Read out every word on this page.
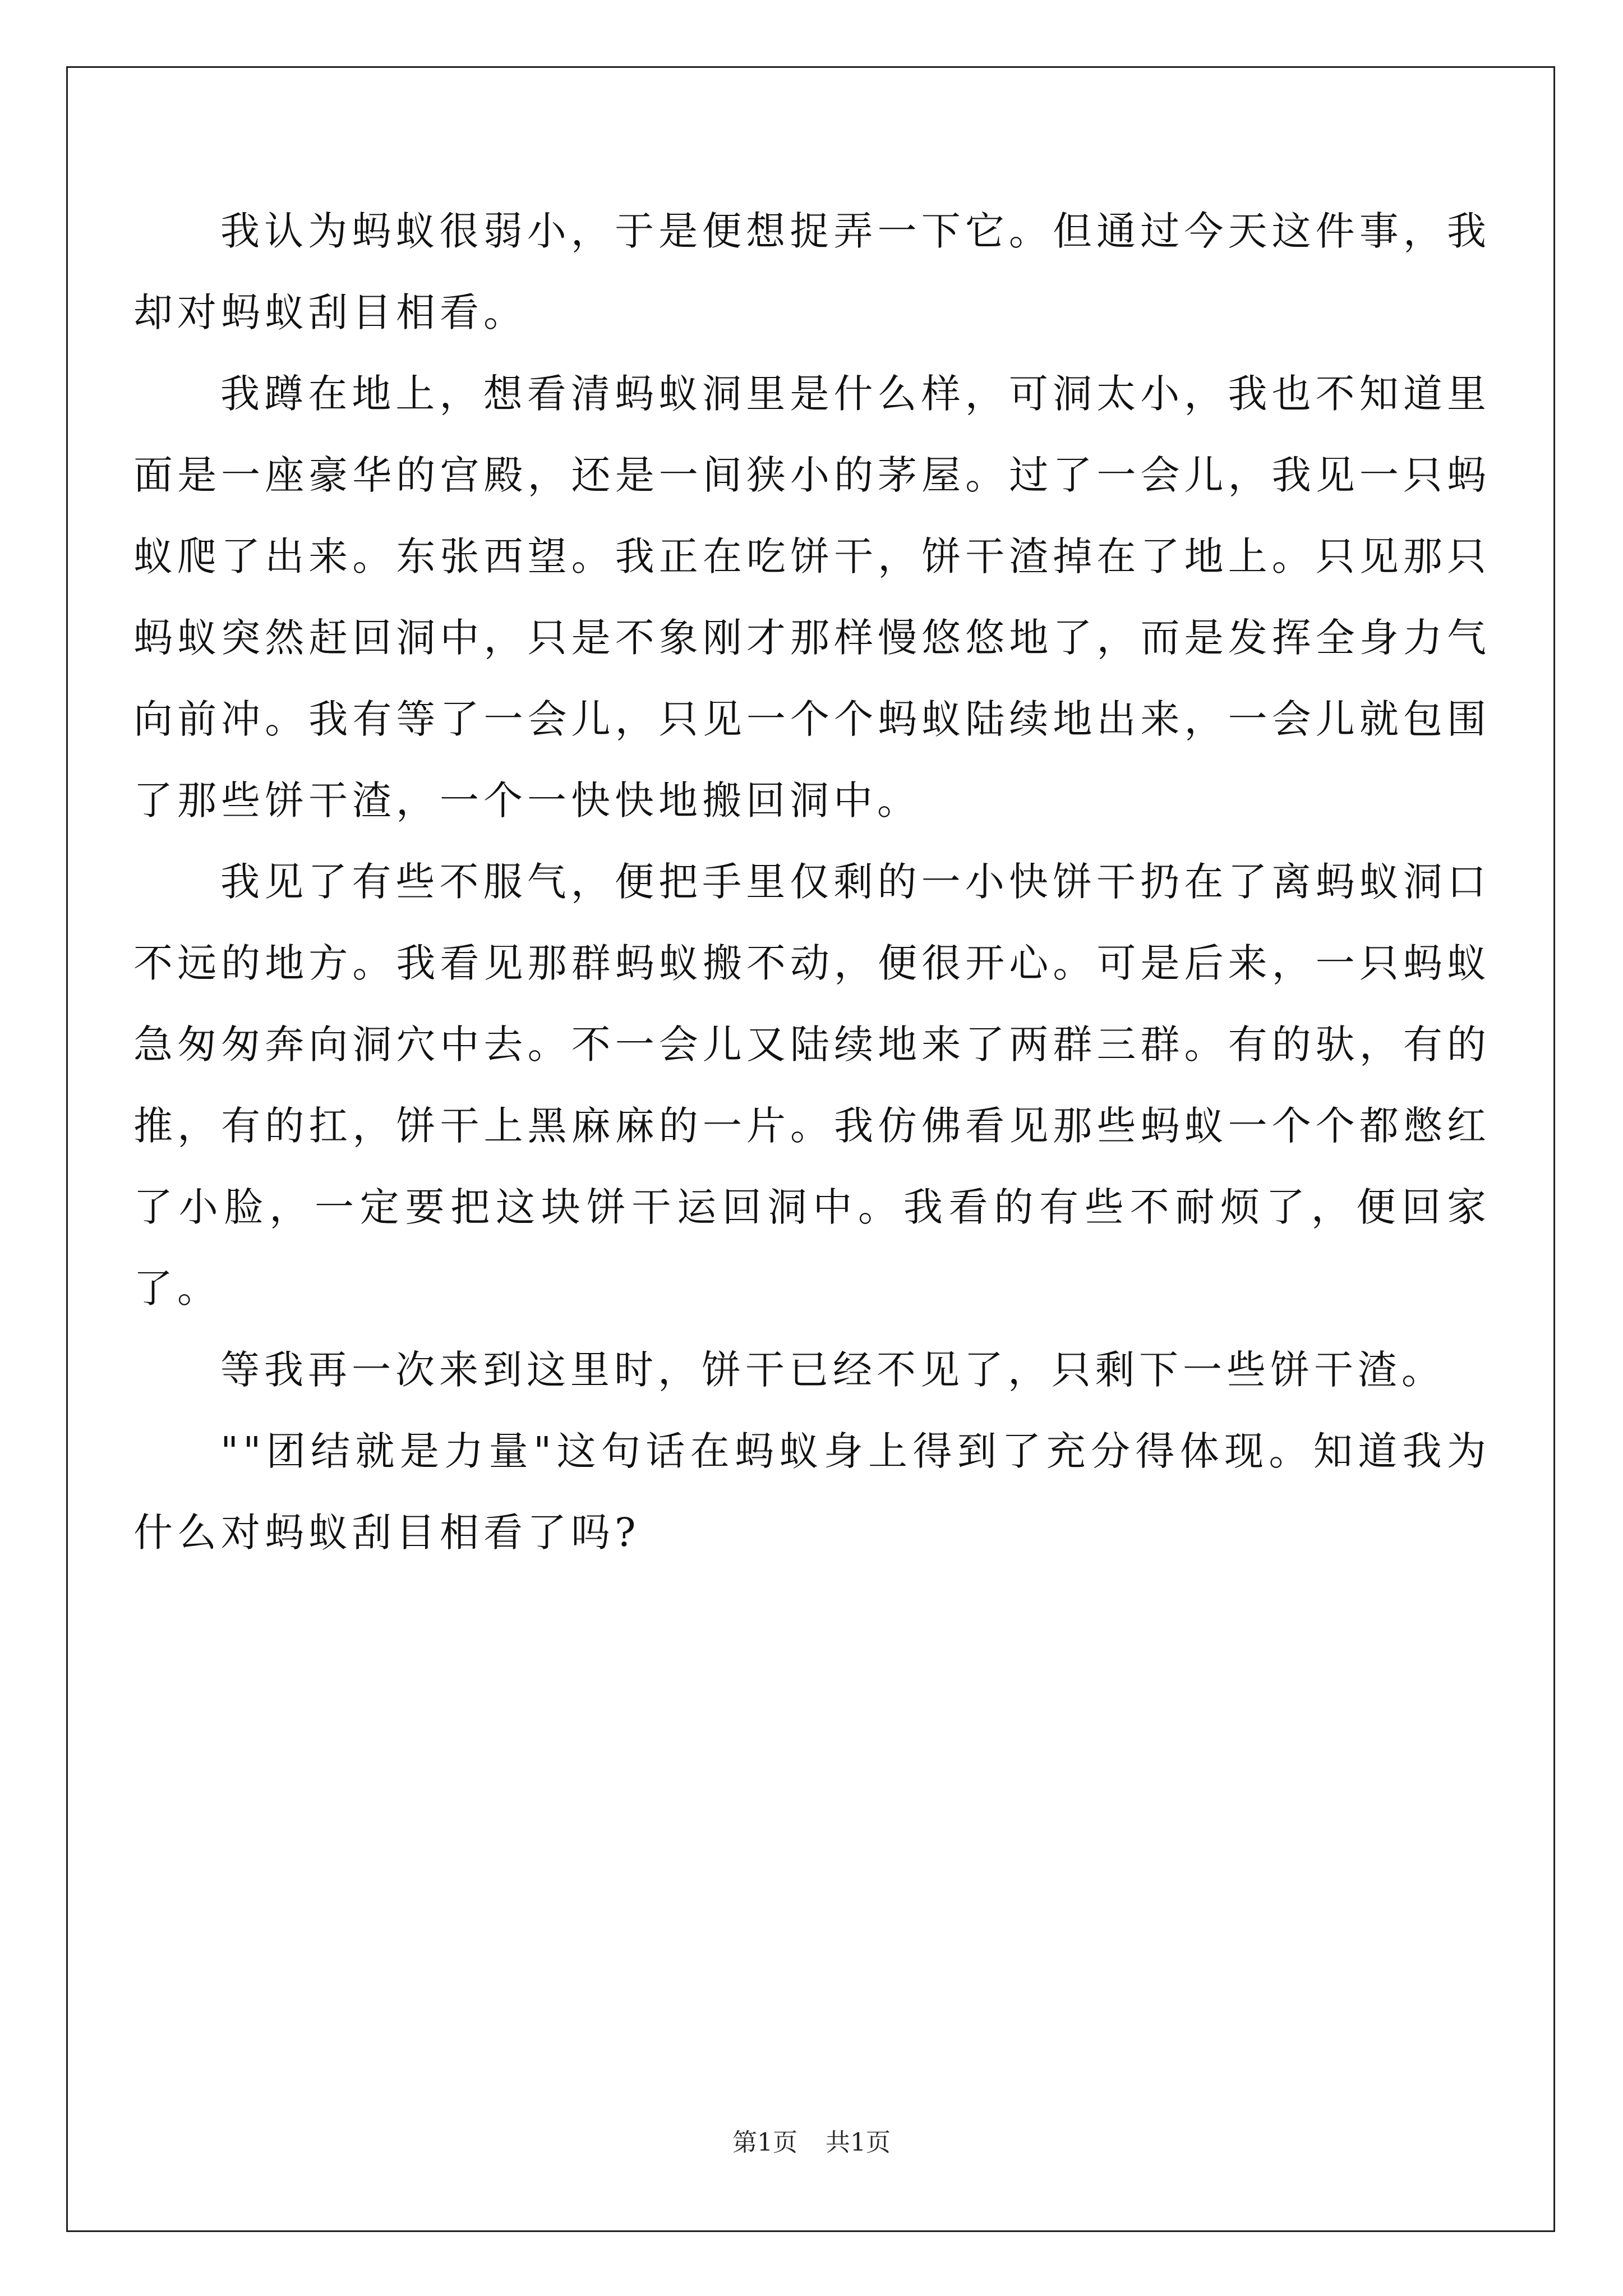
我认为蚂蚁很弱小，于是便想捉弄一下它。但通过今天这件事，我却对蚂蚁刮目相看。

我蹲在地上，想看清蚂蚁洞里是什么样，可洞太小，我也不知道里面是一座豪华的宫殿，还是一间狭小的茅屋。过了一会儿，我见一只蚂蚁爬了出来。东张西望。我正在吃饼干，饼干渣掉在了地上。只见那只蚂蚁突然赶回洞中，只是不象刚才那样慢悠悠地了，而是发挥全身力气向前冲。我有等了一会儿，只见一个个蚂蚁陆续地出来，一会儿就包围了那些饼干渣，一个一快快地搬回洞中。

我见了有些不服气，便把手里仅剩的一小快饼干扔在了离蚂蚁洞口不远的地方。我看见那群蚂蚁搬不动，便很开心。可是后来，一只蚂蚁急匆匆奔向洞穴中去。不一会儿又陆续地来了两群三群。有的驮，有的推，有的扛，饼干上黑麻麻的一片。我仿佛看见那些蚂蚁一个个都憋红了小脸，一定要把这块饼干运回洞中。我看的有些不耐烦了，便回家了。

等我再一次来到这里时，饼干已经不见了，只剩下一些饼干渣。

""团结就是力量"这句话在蚂蚁身上得到了充分得体现。知道我为什么对蚂蚁刮目相看了吗?

第1页 共1页
